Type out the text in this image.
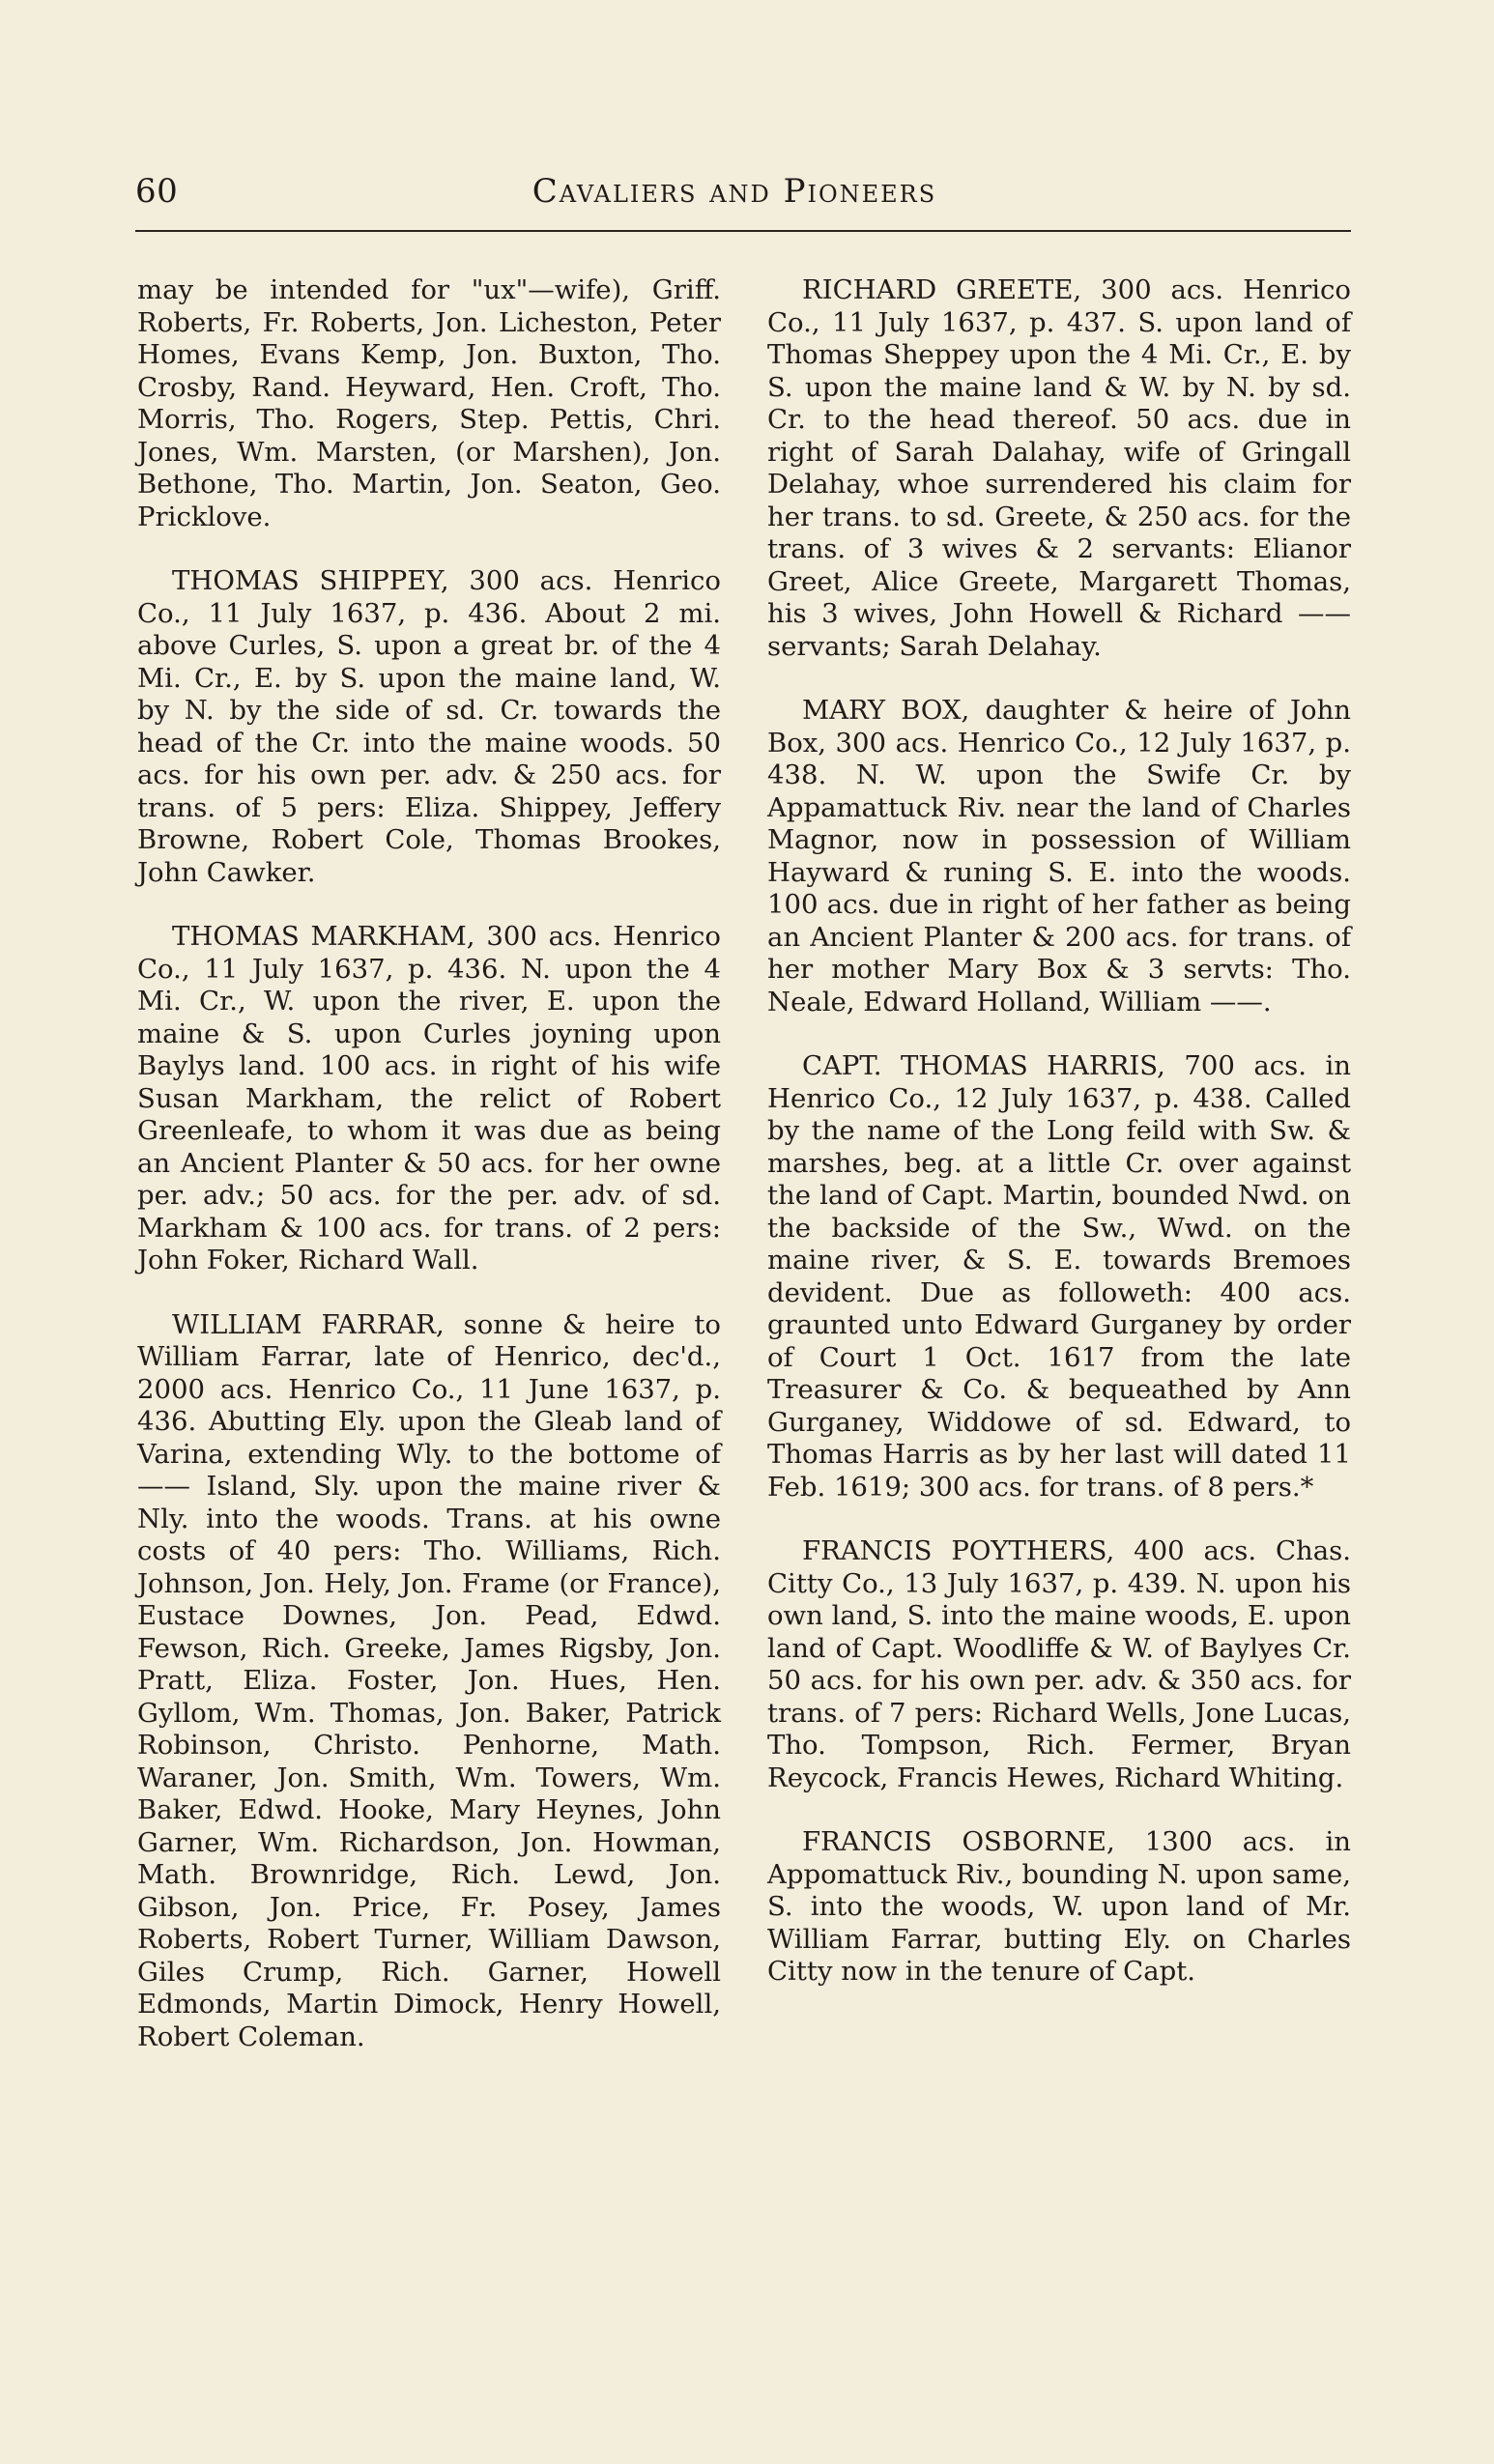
60	Cavaliers and Pioneers

may be intended for "ux"—wife), Griff. Roberts, Fr. Roberts, Jon. Licheston, Peter Homes, Evans Kemp, Jon. Buxton, Tho. Crosby, Rand. Heyward, Hen. Croft, Tho. Morris, Tho. Rogers, Step. Pettis, Chri. Jones, Wm. Marsten, (or Marshen), Jon. Bethone, Tho. Martin, Jon. Seaton, Geo. Pricklove.

THOMAS SHIPPEY, 300 acs. Henrico Co., 11 July 1637, p. 436. About 2 mi. above Curles, S. upon a great br. of the 4 Mi. Cr., E. by S. upon the maine land, W. by N. by the side of sd. Cr. towards the head of the Cr. into the maine woods. 50 acs. for his own per. adv. & 250 acs. for trans. of 5 pers: Eliza. Shippey, Jeffery Browne, Robert Cole, Thomas Brookes, John Cawker.

THOMAS MARKHAM, 300 acs. Henrico Co., 11 July 1637, p. 436. N. upon the 4 Mi. Cr., W. upon the river, E. upon the maine & S. upon Curles joyning upon Baylys land. 100 acs. in right of his wife Susan Markham, the relict of Robert Greenleafe, to whom it was due as being an Ancient Planter & 50 acs. for her owne per. adv.; 50 acs. for the per. adv. of sd. Markham & 100 acs. for trans. of 2 pers: John Foker, Richard Wall.

WILLIAM FARRAR, sonne & heire to William Farrar, late of Henrico, dec'd., 2000 acs. Henrico Co., 11 June 1637, p. 436. Abutting Ely. upon the Gleab land of Varina, extending Wly. to the bottome of —— Island, Sly. upon the maine river & Nly. into the woods. Trans. at his owne costs of 40 pers: Tho. Williams, Rich. Johnson, Jon. Hely, Jon. Frame (or France), Eustace Downes, Jon. Pead, Edwd. Fewson, Rich. Greeke, James Rigsby, Jon. Pratt, Eliza. Foster, Jon. Hues, Hen. Gyllom, Wm. Thomas, Jon. Baker, Patrick Robinson, Christo. Penhorne, Math. Waraner, Jon. Smith, Wm. Towers, Wm. Baker, Edwd. Hooke, Mary Heynes, John Garner, Wm. Richardson, Jon. Howman, Math. Brownridge, Rich. Lewd, Jon. Gibson, Jon. Price, Fr. Posey, James Roberts, Robert Turner, William Dawson, Giles Crump, Rich. Garner, Howell Edmonds, Martin Dimock, Henry Howell, Robert Coleman.

RICHARD GREETE, 300 acs. Henrico Co., 11 July 1637, p. 437. S. upon land of Thomas Sheppey upon the 4 Mi. Cr., E. by S. upon the maine land & W. by N. by sd. Cr. to the head thereof. 50 acs. due in right of Sarah Dalahay, wife of Gringall Delahay, whoe surrendered his claim for her trans. to sd. Greete, & 250 acs. for the trans. of 3 wives & 2 servants: Elianor Greet, Alice Greete, Margarett Thomas, his 3 wives, John Howell & Richard —— servants; Sarah Delahay.

MARY BOX, daughter & heire of John Box, 300 acs. Henrico Co., 12 July 1637, p. 438. N. W. upon the Swife Cr. by Appamattuck Riv. near the land of Charles Magnor, now in possession of William Hayward & runing S. E. into the woods. 100 acs. due in right of her father as being an Ancient Planter & 200 acs. for trans. of her mother Mary Box & 3 servts: Tho. Neale, Edward Holland, William ——.

CAPT. THOMAS HARRIS, 700 acs. in Henrico Co., 12 July 1637, p. 438. Called by the name of the Long feild with Sw. & marshes, beg. at a little Cr. over against the land of Capt. Martin, bounded Nwd. on the backside of the Sw., Wwd. on the maine river, & S. E. towards Bremoes devident. Due as followeth: 400 acs. graunted unto Edward Gurganey by order of Court 1 Oct. 1617 from the late Treasurer & Co. & bequeathed by Ann Gurganey, Widdowe of sd. Edward, to Thomas Harris as by her last will dated 11 Feb. 1619; 300 acs. for trans. of 8 pers.*

FRANCIS POYTHERS, 400 acs. Chas. Citty Co., 13 July 1637, p. 439. N. upon his own land, S. into the maine woods, E. upon land of Capt. Woodliffe & W. of Baylyes Cr. 50 acs. for his own per. adv. & 350 acs. for trans. of 7 pers: Richard Wells, Jone Lucas, Tho. Tompson, Rich. Fermer, Bryan Reycock, Francis Hewes, Richard Whiting.

FRANCIS OSBORNE, 1300 acs. in Appomattuck Riv., bounding N. upon same, S. into the woods, W. upon land of Mr. William Farrar, butting Ely. on Charles Citty now in the tenure of Capt.
